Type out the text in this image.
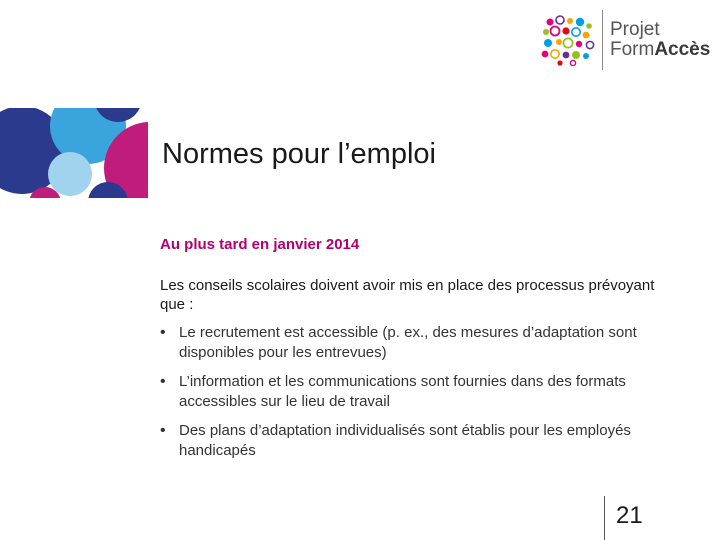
Projet
FormAccès
Normes pour l’emploi
Au plus tard en janvier 2014
Les conseils scolaires doivent avoir mis en place des processus prévoyant que :
• Le recrutement est accessible (p. ex., des mesures d’adaptation sont disponibles pour les entrevues)
• L’information et les communications sont fournies dans des formats accessibles sur le lieu de travail
• Des plans d’adaptation individualisés sont établis pour les employés handicapés
21
